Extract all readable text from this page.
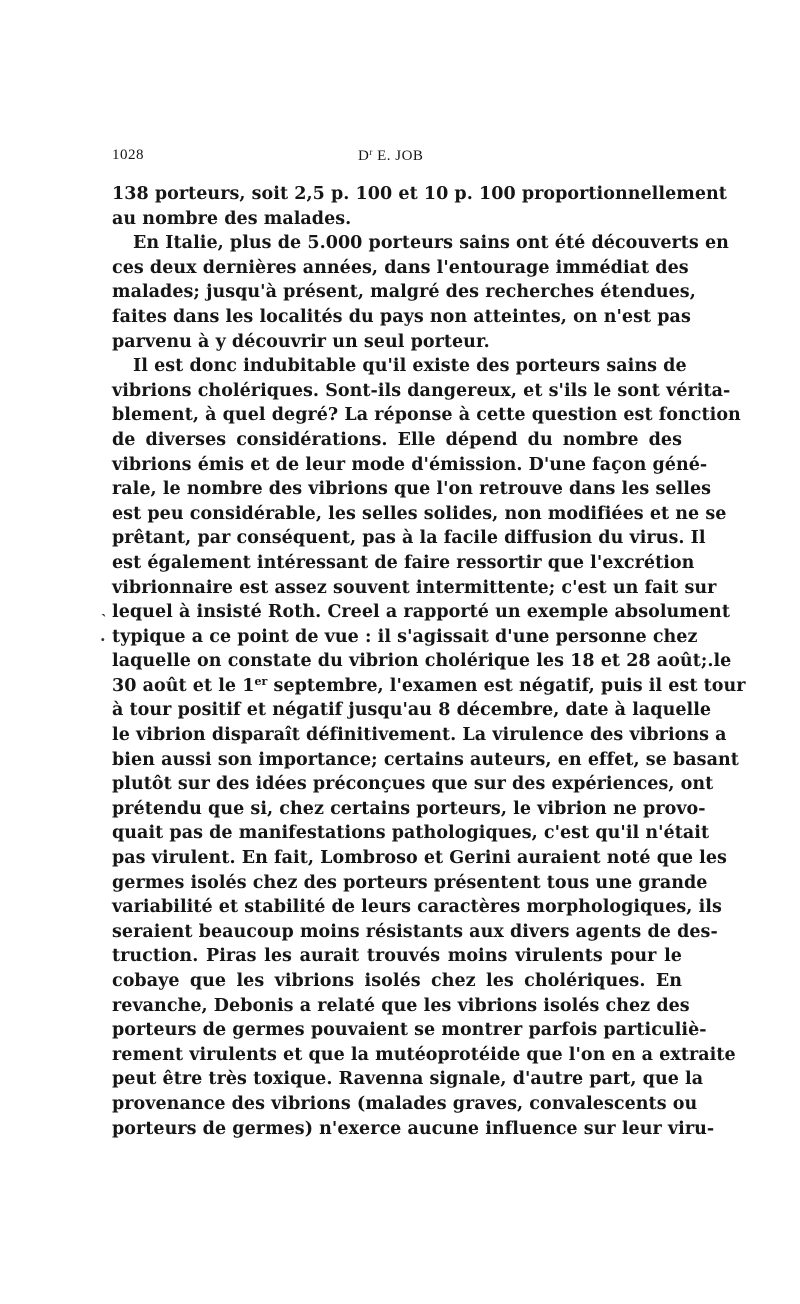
1028	$D^r$ E. JOB
ˎ
.
138 porteurs, soit 2,5 p. 100 et 10 p. 100 proportionnellement
au nombre des malades.
En Italie, plus de 5.000 porteurs sains ont été découverts en
ces deux dernières années, dans l'entourage immédiat des
malades; jusqu'à présent, malgré des recherches étendues,
faites dans les localités du pays non atteintes, on n'est pas
parvenu à y découvrir un seul porteur.
Il est donc indubitable qu'il existe des porteurs sains de
vibrions cholériques. Sont-ils dangereux, et s'ils le sont vérita-
blement, à quel degré? La réponse à cette question est fonction
de diverses considérations. Elle dépend du nombre des
vibrions émis et de leur mode d'émission. D'une façon géné-
rale, le nombre des vibrions que l'on retrouve dans les selles
est peu considérable, les selles solides, non modifiées et ne se
prêtant, par conséquent, pas à la facile diffusion du virus. Il
est également intéressant de faire ressortir que l'excrétion
vibrionnaire est assez souvent intermittente; c'est un fait sur
lequel à insisté Roth. Creel a rapporté un exemple absolument
typique a ce point de vue : il s'agissait d'une personne chez
laquelle on constate du vibrion cholérique les 18 et 28 août;.le
30 août et le 1er septembre, l'examen est négatif, puis il est tour
à tour positif et négatif jusqu'au 8 décembre, date à laquelle
le vibrion disparaît définitivement. La virulence des vibrions a
bien aussi son importance; certains auteurs, en effet, se basant
plutôt sur des idées préconçues que sur des expériences, ont
prétendu que si, chez certains porteurs, le vibrion ne provo-
quait pas de manifestations pathologiques, c'est qu'il n'était
pas virulent. En fait, Lombroso et Gerini auraient noté que les
germes isolés chez des porteurs présentent tous une grande
variabilité et stabilité de leurs caractères morphologiques, ils
seraient beaucoup moins résistants aux divers agents de des-
truction. Piras les aurait trouvés moins virulents pour le
cobaye que les vibrions isolés chez les cholériques. En
revanche, Debonis a relaté que les vibrions isolés chez des
porteurs de germes pouvaient se montrer parfois particuliè-
rement virulents et que la mutéoprotéide que l'on en a extraite
peut être très toxique. Ravenna signale, d'autre part, que la
provenance des vibrions (malades graves, convalescents ou
porteurs de germes) n'exerce aucune influence sur leur viru-
